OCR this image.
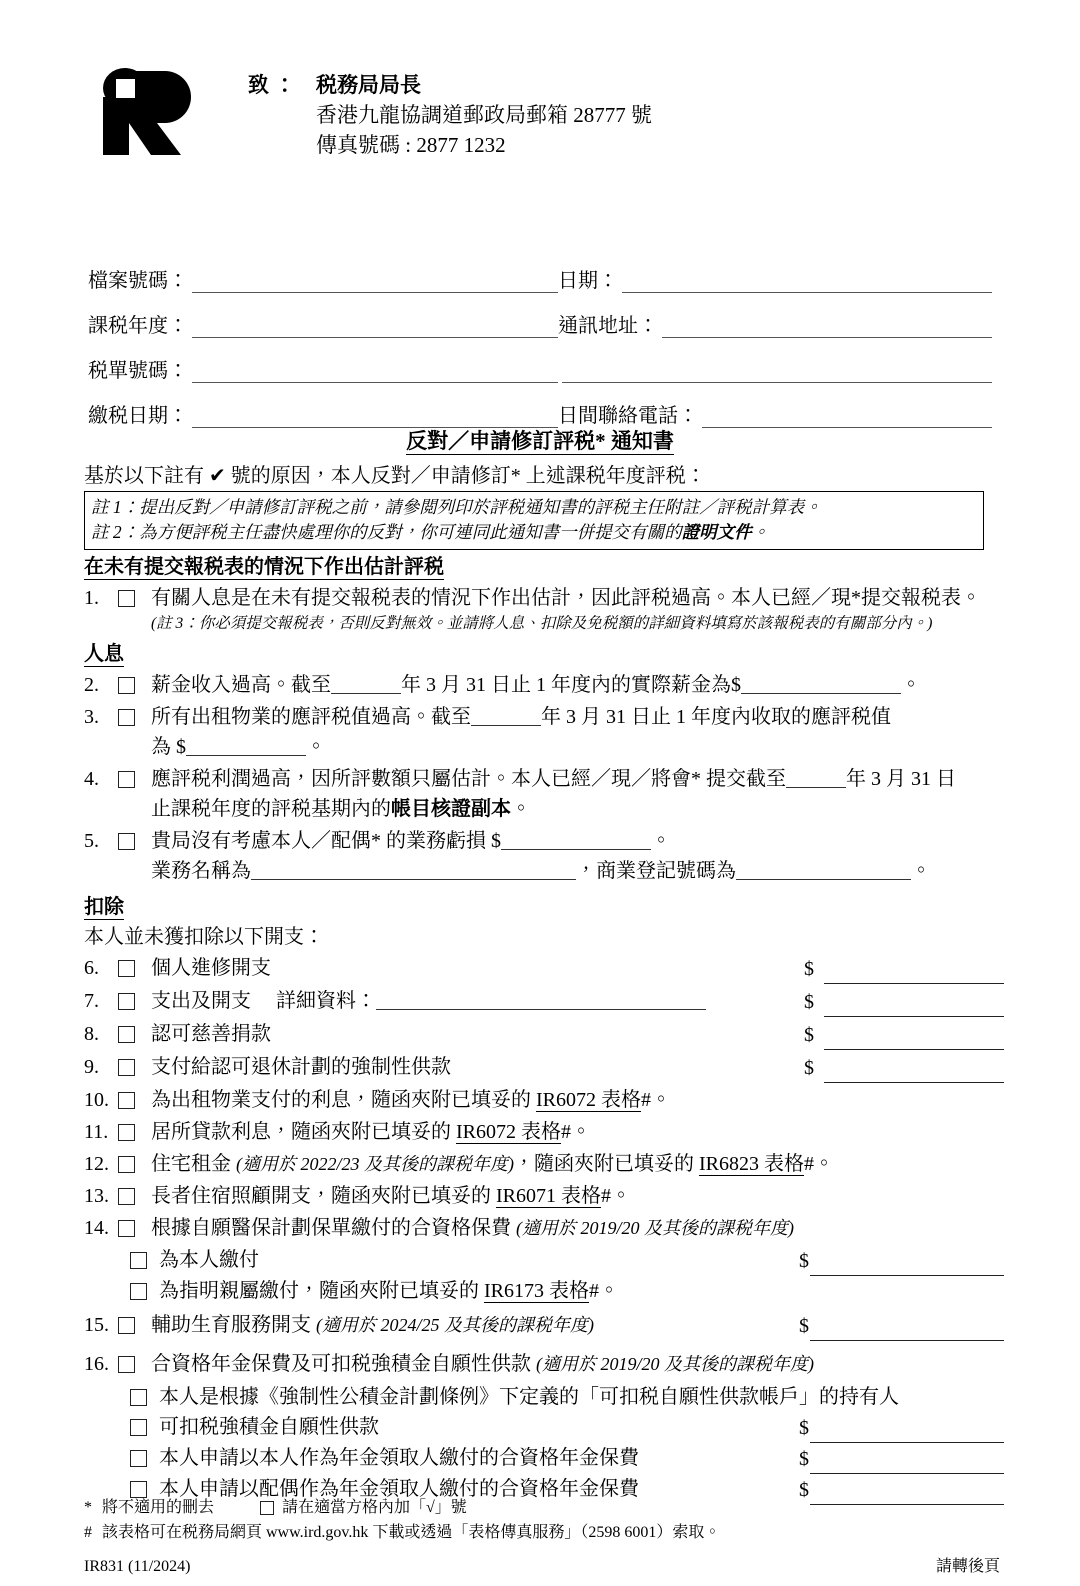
致 ： 税務局局長
香港九龍協調道郵政局郵箱 28777 號
傳真號碼 : 2877 1232
檔案號碼：	日期：
課税年度：	通訊地址：
税單號碼：
繳税日期：	日間聯絡電話：
反對／申請修訂評税* 通知書
基於以下註有 ✔ 號的原因，本人反對／申請修訂* 上述課税年度評税：
註 1：提出反對／申請修訂評税之前，請參閲列印於評税通知書的評税主任附註／評税計算表。
註 2：為方便評税主任盡快處理你的反對，你可連同此通知書一併提交有關的證明文件。
在未有提交報税表的情況下作出估計評税
1.	有關人息是在未有提交報税表的情況下作出估計，因此評税過高。本人已經／現*提交報税表。
(註 3：你必須提交報税表，否則反對無效。並請將人息、扣除及免税額的詳細資料填寫於該報税表的有關部分內。)
人息
2.	薪金收入過高。截至	年 3 月 31 日止 1 年度內的實際薪金為$	。
3.	所有出租物業的應評税值過高。截至	年 3 月 31 日止 1 年度內收取的應評税值
為 $	。
4.	應評税利潤過高，因所評數額只屬估計。本人已經／現／將會* 提交截至	年 3 月 31 日
止課税年度的評税基期內的帳目核證副本。
5.	貴局沒有考慮本人／配偶* 的業務虧損 $	。
業務名稱為	，商業登記號碼為	。
扣除
本人並未獲扣除以下開支：
6.	個人進修開支	$
7.	支出及開支 詳細資料：	$
8.	認可慈善捐款	$
9.	支付給認可退休計劃的強制性供款	$
10.	為出租物業支付的利息，隨函夾附已填妥的 IR6072 表格#。
11.	居所貸款利息，隨函夾附已填妥的 IR6072 表格#。
12.	住宅租金 (適用於 2022/23 及其後的課税年度)，隨函夾附已填妥的 IR6823 表格#。
13.	長者住宿照顧開支，隨函夾附已填妥的 IR6071 表格#。
14.	根據自願醫保計劃保單繳付的合資格保費 (適用於 2019/20 及其後的課税年度)
為本人繳付	$
為指明親屬繳付，隨函夾附已填妥的 IR6173 表格#。
15.	輔助生育服務開支 (適用於 2024/25 及其後的課税年度)	$
16.	合資格年金保費及可扣税強積金自願性供款 (適用於 2019/20 及其後的課税年度)
本人是根據《強制性公積金計劃條例》下定義的「可扣税自願性供款帳戶」的持有人
可扣税強積金自願性供款	$
本人申請以本人作為年金領取人繳付的合資格年金保費	$
本人申請以配偶作為年金領取人繳付的合資格年金保費	$
* 將不適用的刪去	請在適當方格內加「√」號
# 該表格可在税務局網頁 www.ird.gov.hk 下載或透過「表格傳真服務」（2598 6001）索取。
IR831 (11/2024)	請轉後頁
